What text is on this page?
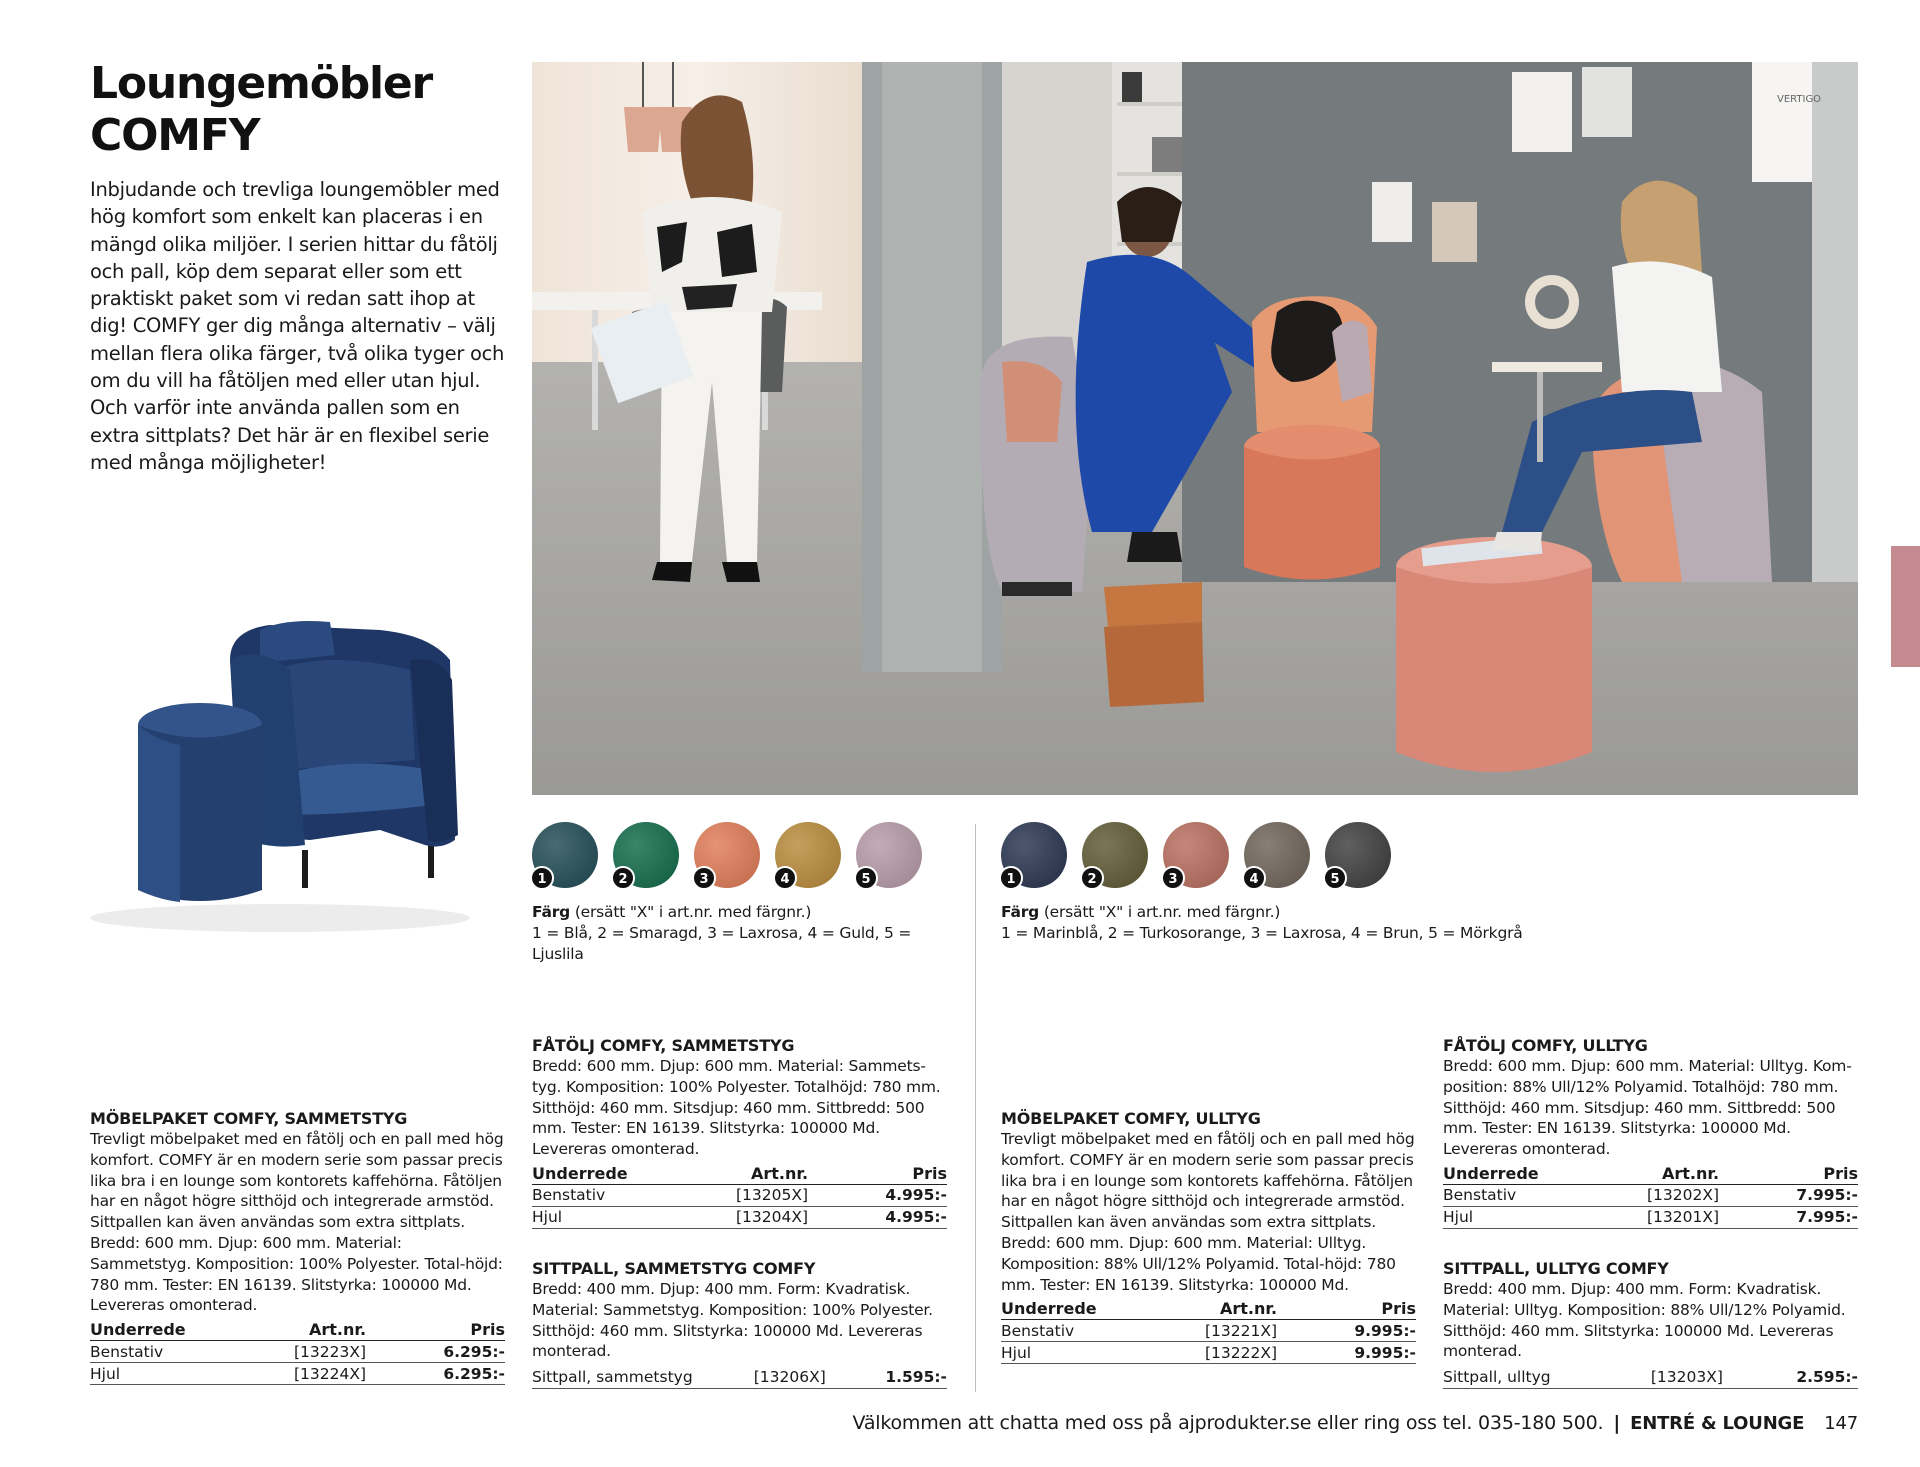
Loungemöbler
COMFY

Inbjudande och trevliga loungemöbler med hög komfort som enkelt kan placeras i en mängd olika miljöer. I serien hittar du fåtölj och pall, köp dem separat eller som ett praktiskt paket som vi redan satt ihop at dig! COMFY ger dig många alternativ – välj mellan flera olika färger, två olika tyger och om du vill ha fåtöljen med eller utan hjul. Och varför inte använda pallen som en extra sittplats? Det här är en flexibel serie med många möjligheter!

VERTIGO
1	2	3	4	5
Färg (ersätt "X" i art.nr. med färgnr.)
1 = Blå, 2 = Smaragd, 3 = Laxrosa, 4 = Guld, 5 = Ljuslila
1	2	3	4	5
Färg (ersätt "X" i art.nr. med färgnr.)
1 = Marinblå, 2 = Turkosorange, 3 = Laxrosa, 4 = Brun, 5 = Mörkgrå
MÖBELPAKET COMFY, SAMMETSTYG

Trevligt möbelpaket med en fåtölj och en pall med hög komfort. COMFY är en modern serie som passar precis lika bra i en lounge som kontorets kaffehörna. Fåtöljen har en något högre sitthöjd och integrerade armstöd. Sittpallen kan även användas som extra sittplats. Bredd: 600 mm. Djup: 600 mm. Material: Sammetstyg. Komposition: 100% Polyester. Total-höjd: 780 mm. Tester: EN 16139. Slitstyrka: 100000 Md. Levereras omonterad.

Underrede	Art.nr.	Pris
Benstativ	[13223X]	6.295:-
Hjul	[13224X]	6.295:-
FÅTÖLJ COMFY, SAMMETSTYG

Bredd: 600 mm. Djup: 600 mm. Material: Sammets-tyg. Komposition: 100% Polyester. Totalhöjd: 780 mm. Sitthöjd: 460 mm. Sitsdjup: 460 mm. Sittbredd: 500 mm. Tester: EN 16139. Slitstyrka: 100000 Md. Levereras omonterad.

Underrede	Art.nr.	Pris
Benstativ	[13205X]	4.995:-
Hjul	[13204X]	4.995:-
SITTPALL, SAMMETSTYG COMFY

Bredd: 400 mm. Djup: 400 mm. Form: Kvadratisk. Material: Sammetstyg. Komposition: 100% Polyester. Sitthöjd: 460 mm. Slitstyrka: 100000 Md. Levereras monterad.

Sittpall, sammetstyg	[13206X]	1.595:-
MÖBELPAKET COMFY, ULLTYG

Trevligt möbelpaket med en fåtölj och en pall med hög komfort. COMFY är en modern serie som passar precis lika bra i en lounge som kontorets kaffehörna. Fåtöljen har en något högre sitthöjd och integrerade armstöd. Sittpallen kan även användas som extra sittplats. Bredd: 600 mm. Djup: 600 mm. Material: Ulltyg. Komposition: 88% Ull/12% Polyamid. Total-höjd: 780 mm. Tester: EN 16139. Slitstyrka: 100000 Md.

Underrede	Art.nr.	Pris
Benstativ	[13221X]	9.995:-
Hjul	[13222X]	9.995:-
FÅTÖLJ COMFY, ULLTYG

Bredd: 600 mm. Djup: 600 mm. Material: Ulltyg. Kom-position: 88% Ull/12% Polyamid. Totalhöjd: 780 mm. Sitthöjd: 460 mm. Sitsdjup: 460 mm. Sittbredd: 500 mm. Tester: EN 16139. Slitstyrka: 100000 Md. Levereras omonterad.

Underrede	Art.nr.	Pris
Benstativ	[13202X]	7.995:-
Hjul	[13201X]	7.995:-
SITTPALL, ULLTYG COMFY

Bredd: 400 mm. Djup: 400 mm. Form: Kvadratisk. Material: Ulltyg. Komposition: 88% Ull/12% Polyamid. Sitthöjd: 460 mm. Slitstyrka: 100000 Md. Levereras monterad.

Sittpall, ulltyg	[13203X]	2.595:-
Välkommen att chatta med oss på ajprodukter.se eller ring oss tel. 035-180 500. | ENTRÉ & LOUNGE 147
